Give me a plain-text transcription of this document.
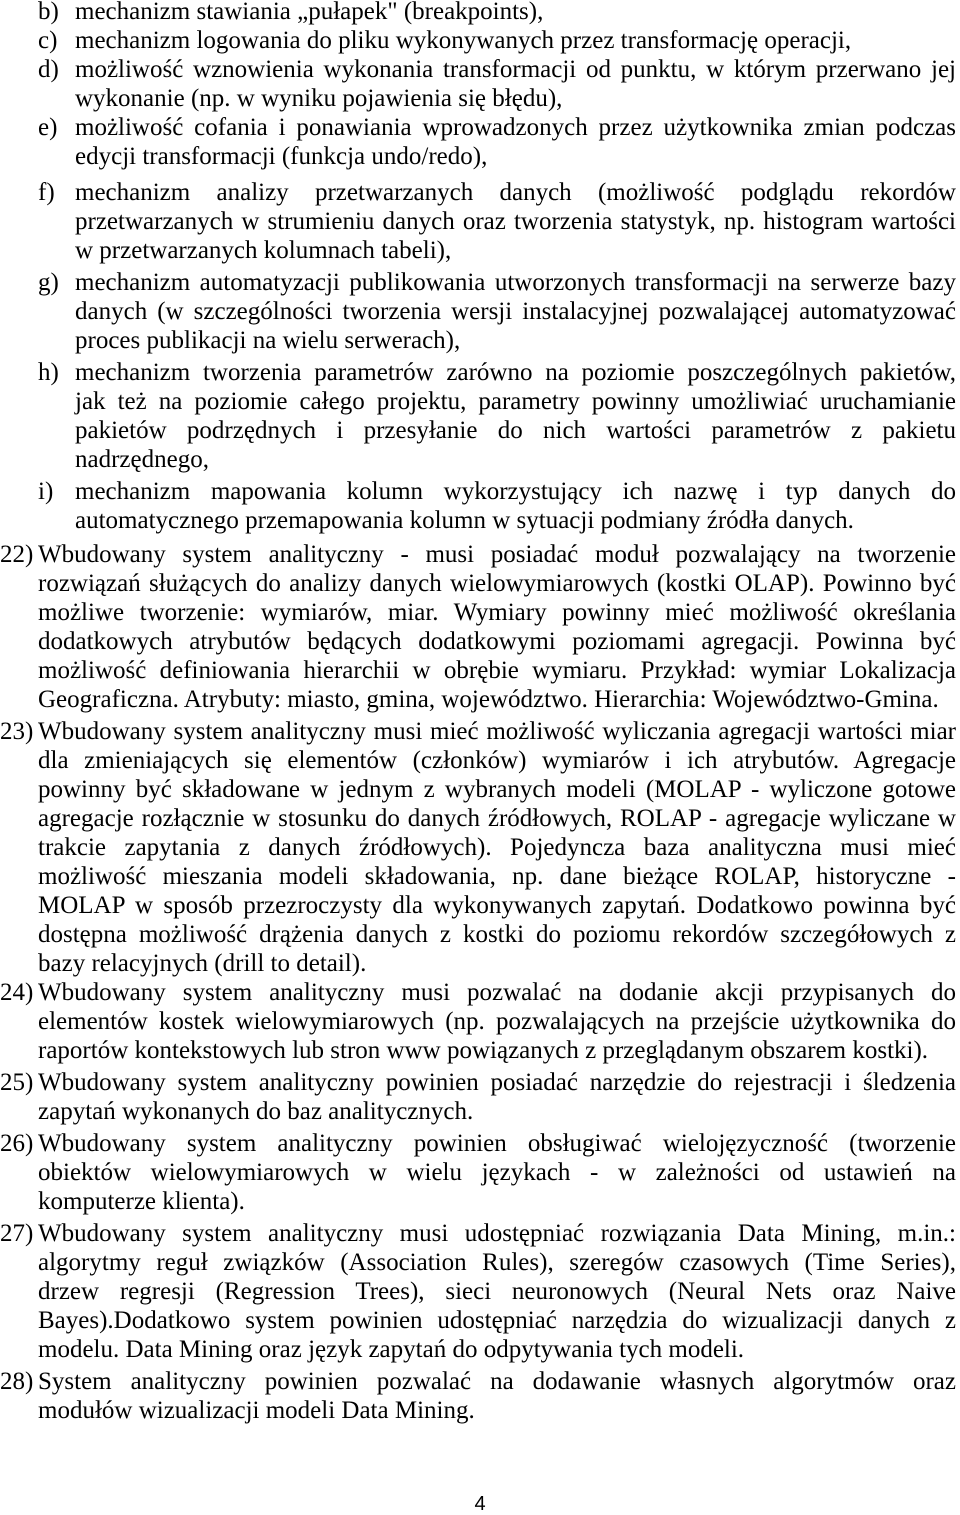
b) mechanizm stawiania „pułapek" (breakpoints),
c) mechanizm logowania do pliku wykonywanych przez transformację operacji,
d) możliwość wznowienia wykonania transformacji od punktu, w którym przerwano jej
wykonanie (np. w wyniku pojawienia się błędu),
e) możliwość cofania i ponawiania wprowadzonych przez użytkownika zmian podczas
edycji transformacji (funkcja undo/redo),
f) mechanizm analizy przetwarzanych danych (możliwość podglądu rekordów
przetwarzanych w strumieniu danych oraz tworzenia statystyk, np. histogram wartości
w przetwarzanych kolumnach tabeli),
g) mechanizm automatyzacji publikowania utworzonych transformacji na serwerze bazy
danych (w szczególności tworzenia wersji instalacyjnej pozwalającej automatyzować
proces publikacji na wielu serwerach),
h) mechanizm tworzenia parametrów zarówno na poziomie poszczególnych pakietów,
jak też na poziomie całego projektu, parametry powinny umożliwiać uruchamianie
pakietów podrzędnych i przesyłanie do nich wartości parametrów z pakietu
nadrzędnego,
i) mechanizm mapowania kolumn wykorzystujący ich nazwę i typ danych do
automatycznego przemapowania kolumn w sytuacji podmiany źródła danych.
22) Wbudowany system analityczny - musi posiadać moduł pozwalający na tworzenie
rozwiązań służących do analizy danych wielowymiarowych (kostki OLAP). Powinno być
możliwe tworzenie: wymiarów, miar. Wymiary powinny mieć możliwość określania
dodatkowych atrybutów będących dodatkowymi poziomami agregacji. Powinna być
możliwość definiowania hierarchii w obrębie wymiaru. Przykład: wymiar Lokalizacja
Geograficzna. Atrybuty: miasto, gmina, województwo. Hierarchia: Województwo-Gmina.
23) Wbudowany system analityczny musi mieć możliwość wyliczania agregacji wartości miar
dla zmieniających się elementów (członków) wymiarów i ich atrybutów. Agregacje
powinny być składowane w jednym z wybranych modeli (MOLAP - wyliczone gotowe
agregacje rozłącznie w stosunku do danych źródłowych, ROLAP - agregacje wyliczane w
trakcie zapytania z danych źródłowych). Pojedyncza baza analityczna musi mieć
możliwość mieszania modeli składowania, np. dane bieżące ROLAP, historyczne -
MOLAP w sposób przezroczysty dla wykonywanych zapytań. Dodatkowo powinna być
dostępna możliwość drążenia danych z kostki do poziomu rekordów szczegółowych z
bazy relacyjnych (drill to detail).
24) Wbudowany system analityczny musi pozwalać na dodanie akcji przypisanych do
elementów kostek wielowymiarowych (np. pozwalających na przejście użytkownika do
raportów kontekstowych lub stron www powiązanych z przeglądanym obszarem kostki).
25) Wbudowany system analityczny powinien posiadać narzędzie do rejestracji i śledzenia
zapytań wykonanych do baz analitycznych.
26) Wbudowany system analityczny powinien obsługiwać wielojęzyczność (tworzenie
obiektów wielowymiarowych w wielu językach - w zależności od ustawień na
komputerze klienta).
27) Wbudowany system analityczny musi udostępniać rozwiązania Data Mining, m.in.:
algorytmy reguł związków (Association Rules), szeregów czasowych (Time Series),
drzew regresji (Regression Trees), sieci neuronowych (Neural Nets oraz Naive
Bayes).Dodatkowo system powinien udostępniać narzędzia do wizualizacji danych z
modelu. Data Mining oraz język zapytań do odpytywania tych modeli.
28) System analityczny powinien pozwalać na dodawanie własnych algorytmów oraz
modułów wizualizacji modeli Data Mining.
4
